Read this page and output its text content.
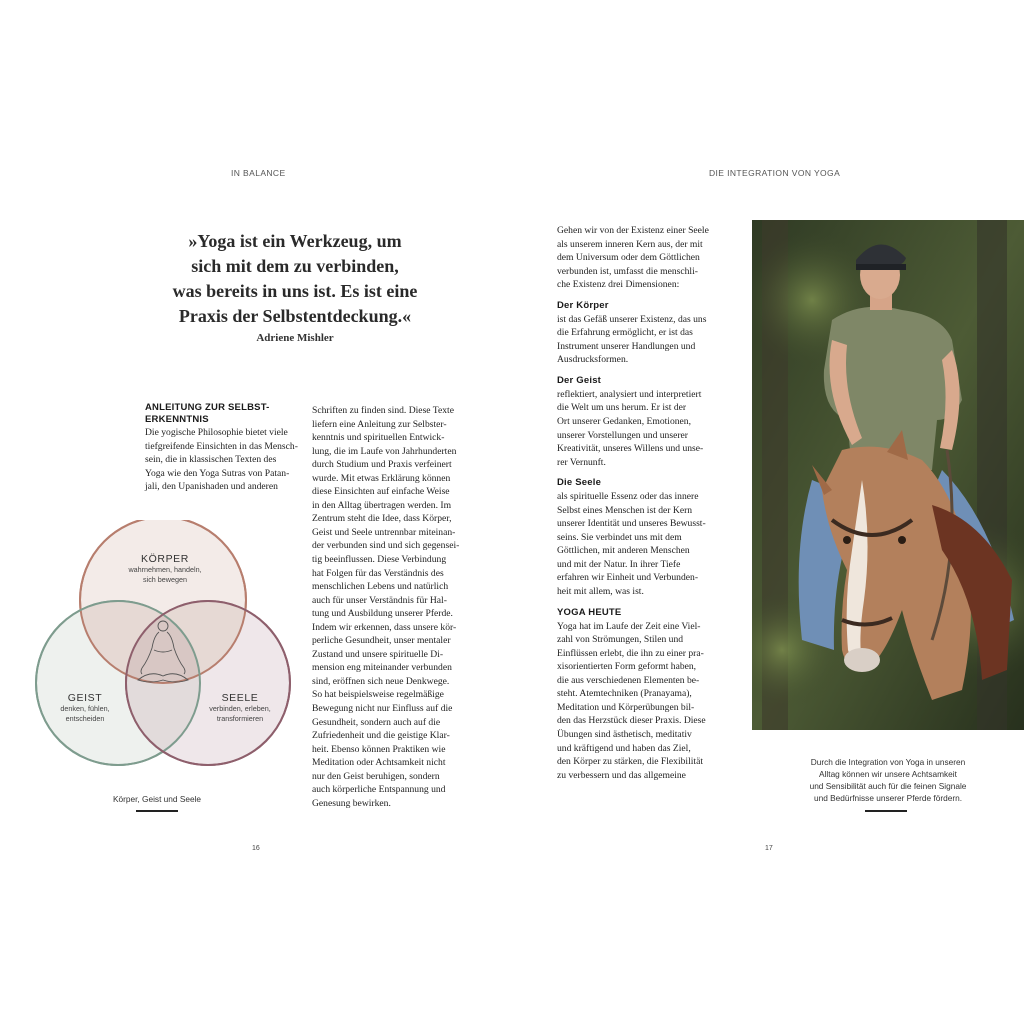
IN BALANCE
»Yoga ist ein Werkzeug, um
sich mit dem zu verbinden,
was bereits in uns ist. Es ist eine
Praxis der Selbstentdeckung.«
Adriene Mishler
ANLEITUNG ZUR SELBST-
ERKENNTNIS
Die yogische Philosophie bietet viele
tiefgreifende Einsichten in das Mensch-
sein, die in klassischen Texten des
Yoga wie den Yoga Sutras von Patan-
jali, den Upanishaden und anderen
Schriften zu finden sind. Diese Texte
liefern eine Anleitung zur Selbster-
kenntnis und spirituellen Entwick-
lung, die im Laufe von Jahrhunderten
durch Studium und Praxis verfeinert
wurde. Mit etwas Erklärung können
diese Einsichten auf einfache Weise
in den Alltag übertragen werden. Im
Zentrum steht die Idee, dass Körper,
Geist und Seele untrennbar miteinan-
der verbunden sind und sich gegensei-
tig beeinflussen. Diese Verbindung
hat Folgen für das Verständnis des
menschlichen Lebens und natürlich
auch für unser Verständnis für Hal-
tung und Ausbildung unserer Pferde.
Indem wir erkennen, dass unsere kör-
perliche Gesundheit, unser mentaler
Zustand und unsere spirituelle Di-
mension eng miteinander verbunden
sind, eröffnen sich neue Denkwege.
So hat beispielsweise regelmäßige
Bewegung nicht nur Einfluss auf die
Gesundheit, sondern auch auf die
Zufriedenheit und die geistige Klar-
heit. Ebenso können Praktiken wie
Meditation oder Achtsamkeit nicht
nur den Geist beruhigen, sondern
auch körperliche Entspannung und
Genesung bewirken.
KÖRPER
wahrnehmen, handeln,
sich bewegen
GEIST
denken, fühlen,
entscheiden
SEELE
verbinden, erleben,
transformieren
Körper, Geist und Seele
16
DIE INTEGRATION VON YOGA
Gehen wir von der Existenz einer Seele
als unserem inneren Kern aus, der mit
dem Universum oder dem Göttlichen
verbunden ist, umfasst die menschli-
che Existenz drei Dimensionen:
Der Körper
ist das Gefäß unserer Existenz, das uns
die Erfahrung ermöglicht, er ist das
Instrument unserer Handlungen und
Ausdrucksformen.
Der Geist
reflektiert, analysiert und interpretiert
die Welt um uns herum. Er ist der
Ort unserer Gedanken, Emotionen,
unserer Vorstellungen und unserer
Kreativität, unseres Willens und unse-
rer Vernunft.
Die Seele
als spirituelle Essenz oder das innere
Selbst eines Menschen ist der Kern
unserer Identität und unseres Bewusst-
seins. Sie verbindet uns mit dem
Göttlichen, mit anderen Menschen
und mit der Natur. In ihrer Tiefe
erfahren wir Einheit und Verbunden-
heit mit allem, was ist.
YOGA HEUTE
Yoga hat im Laufe der Zeit eine Viel-
zahl von Strömungen, Stilen und
Einflüssen erlebt, die ihn zu einer pra-
xisorientierten Form geformt haben,
die aus verschiedenen Elementen be-
steht. Atemtechniken (Pranayama),
Meditation und Körperübungen bil-
den das Herzstück dieser Praxis. Diese
Übungen sind ästhetisch, meditativ
und kräftigend und haben das Ziel,
den Körper zu stärken, die Flexibilität
zu verbessern und das allgemeine
Durch die Integration von Yoga in unseren
Alltag können wir unsere Achtsamkeit
und Sensibilität auch für die feinen Signale
und Bedürfnisse unserer Pferde fördern.
17
